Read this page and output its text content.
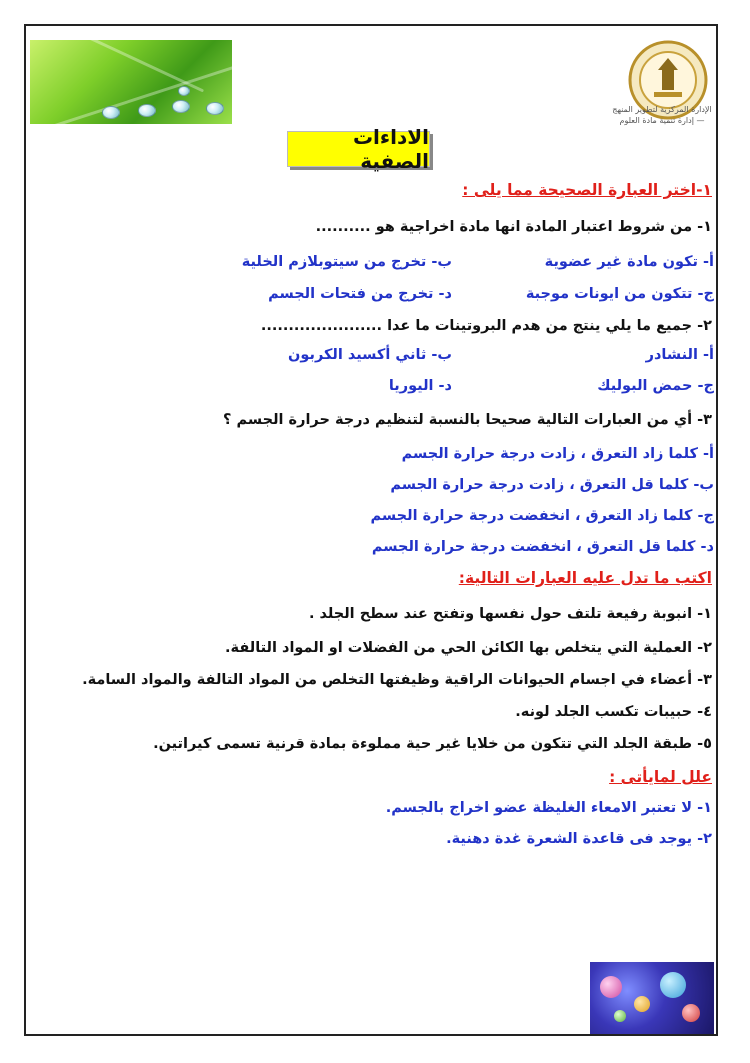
الإدارة المركزية لتطوير المنهج — إدارة تنمية مادة العلوم
الاداءات الصفية
١-اختر العبارة الصحيحة مما يلى :
١- من شروط اعتبار المادة انها مادة اخراجية هو ..........
أ- تكون مادة غير عضوية
ب- تخرج من سيتوبلازم الخلية
ج- تتكون من ايونات موجبة
د- تخرج من فتحات الجسم
٢- جميع ما يلي ينتج من هدم البروتينات ما عدا ......................
أ- النشادر
ب- ثاني أكسيد الكربون
ج- حمض البوليك
د- اليوريا
٣- أي من العبارات التالية صحيحا بالنسبة لتنظيم درجة حرارة الجسم ؟
أ- كلما زاد التعرق ، زادت درجة حرارة الجسم
ب- كلما قل التعرق ، زادت درجة حرارة الجسم
ج- كلما زاد التعرق ، انخفضت درجة حرارة الجسم
د- كلما قل التعرق ، انخفضت درجة حرارة الجسم
اكتب ما تدل عليه العبارات التالية:
١- انبوبة رفيعة تلتف حول نفسها وتفتح عند سطح الجلد .
٢- العملية التي يتخلص بها الكائن الحي من الفضلات او المواد التالفة.
٣- أعضاء في اجسام الحيوانات الراقية وظيفتها التخلص من المواد التالفة والمواد السامة.
٤- حبيبات تكسب الجلد لونه.
٥- طبقة الجلد التي تتكون من خلايا غير حية مملوءة بمادة قرنية تسمى كيراتين.
علل لمايأتى :
١- لا تعتبر الامعاء الغليظة عضو اخراج بالجسم.
٢- يوجد فى قاعدة الشعرة غدة دهنية.
